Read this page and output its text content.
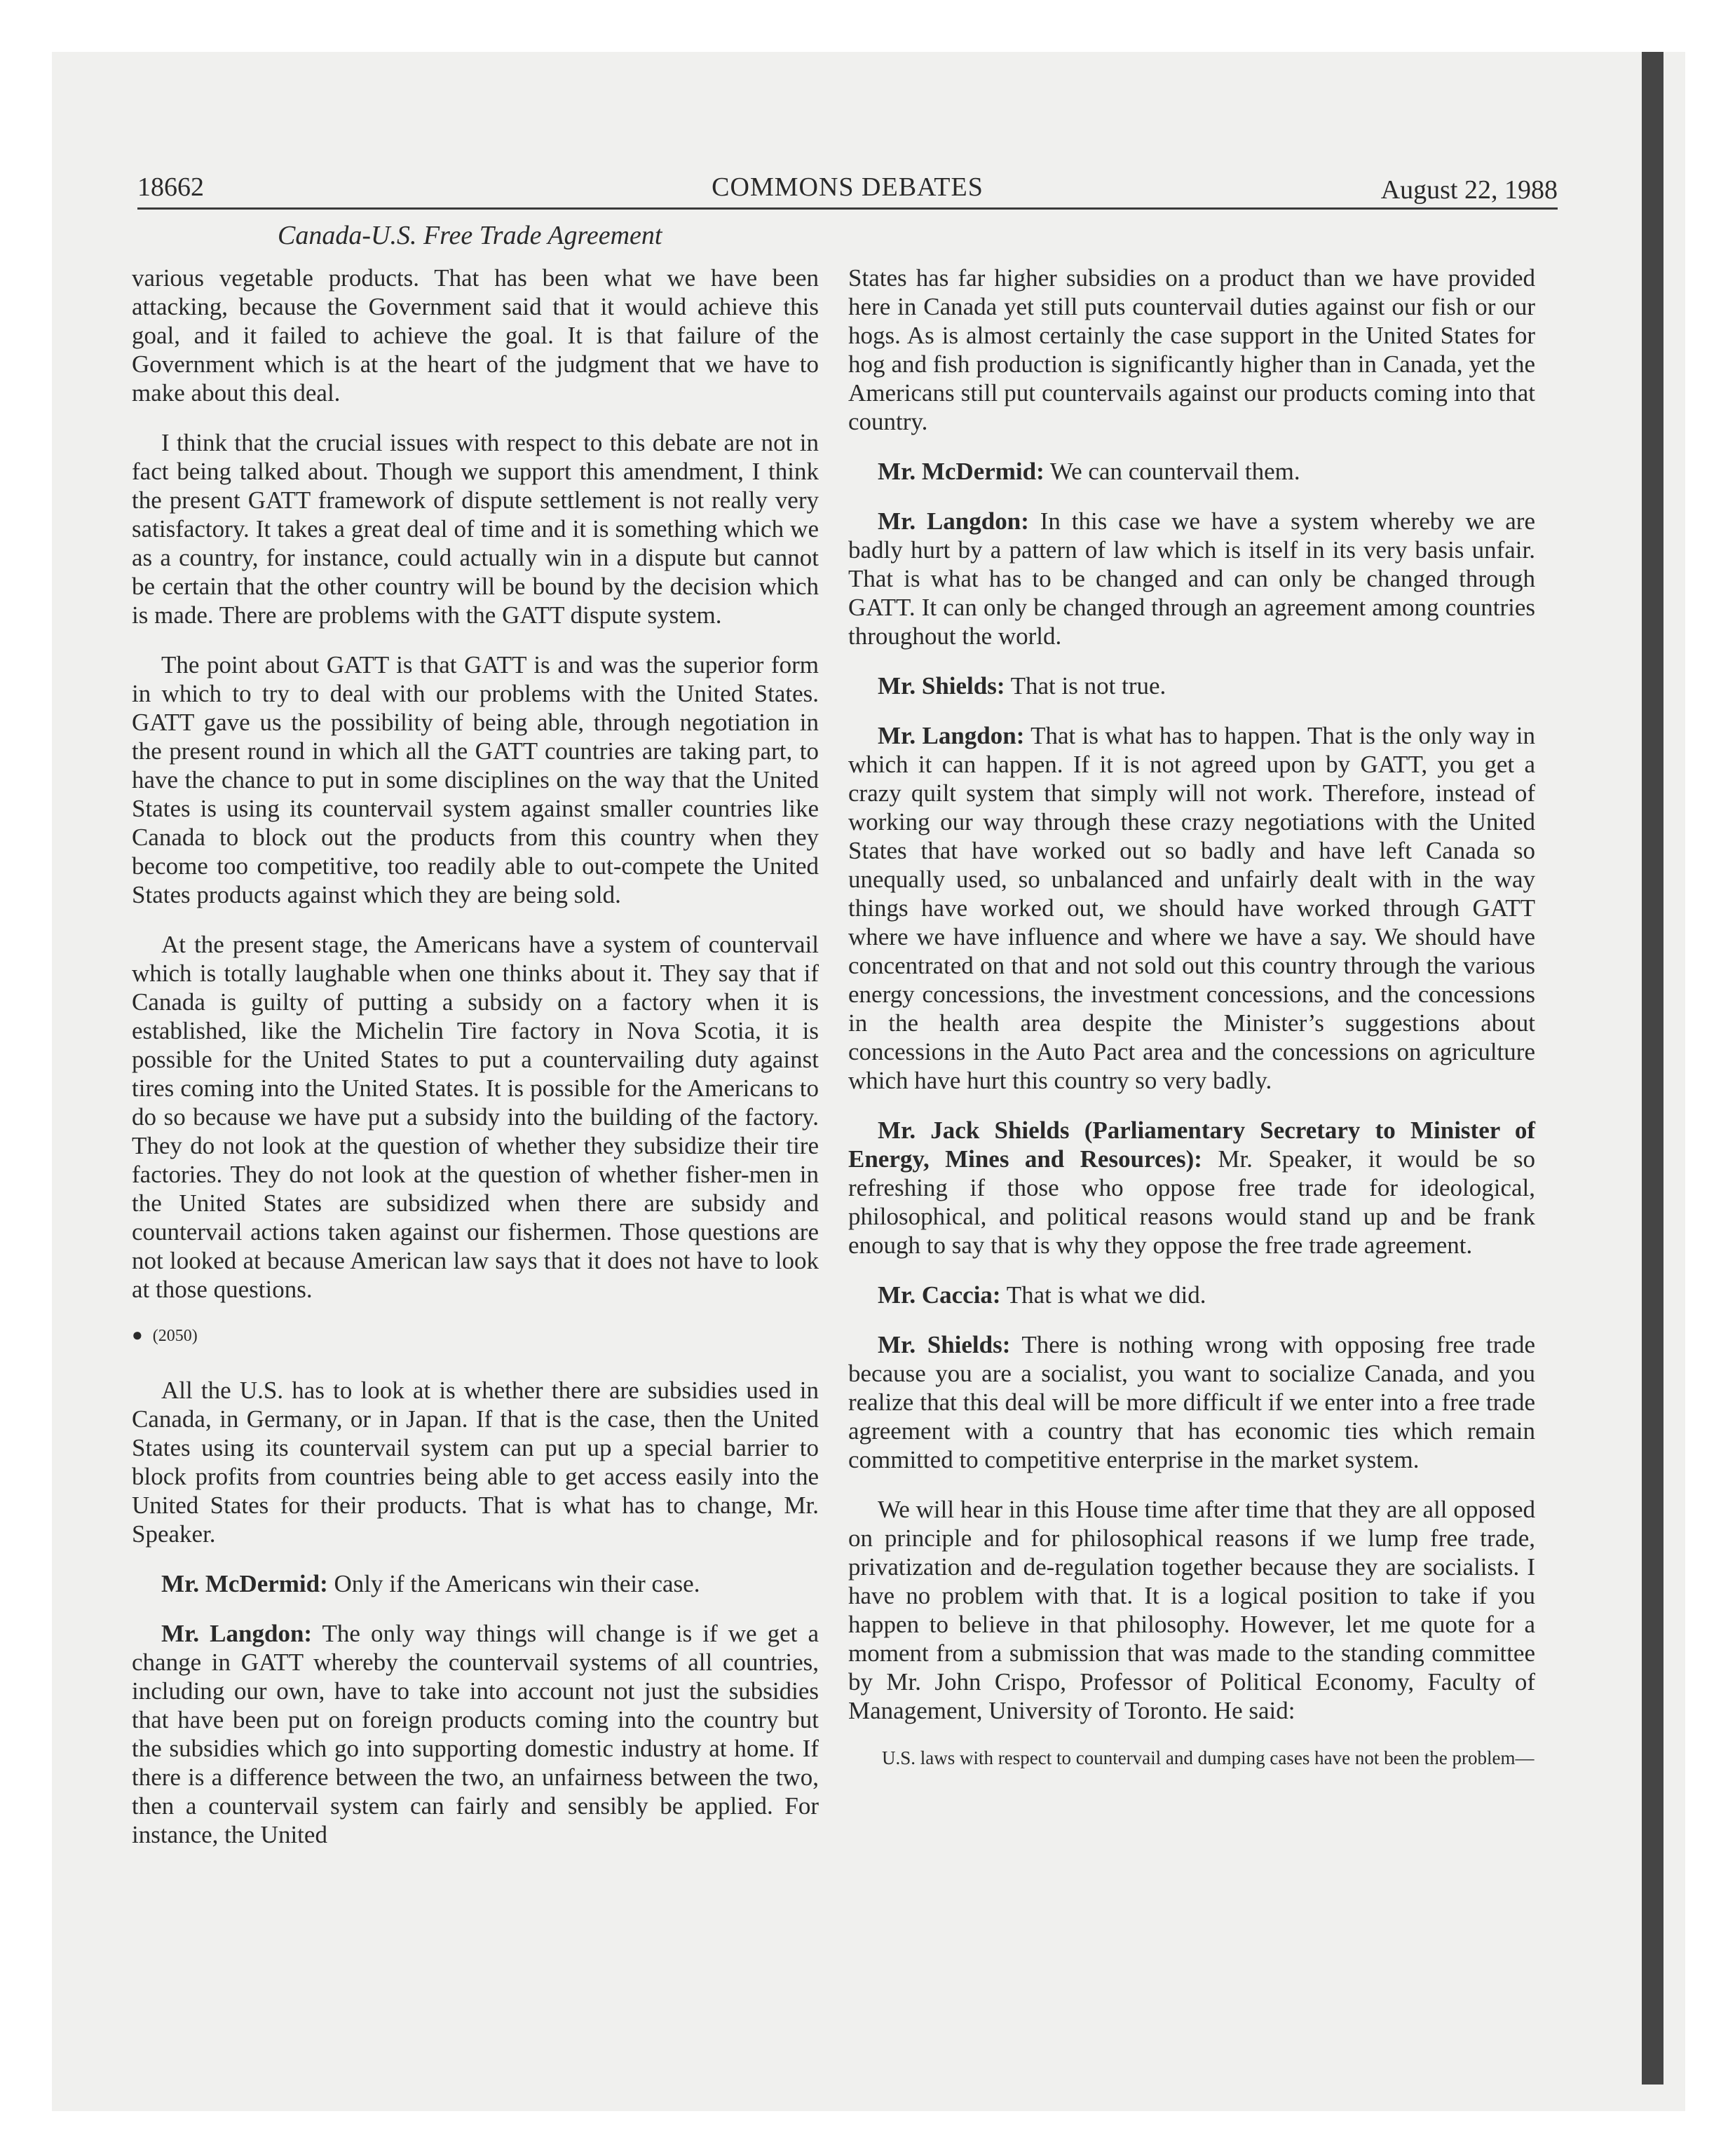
18662	COMMONS DEBATES	August 22, 1988
Canada-U.S. Free Trade Agreement

various vegetable products. That has been what we have been attacking, because the Government said that it would achieve this goal, and it failed to achieve the goal. It is that failure of the Government which is at the heart of the judgment that we have to make about this deal.

I think that the crucial issues with respect to this debate are not in fact being talked about. Though we support this amendment, I think the present GATT framework of dispute settlement is not really very satisfactory. It takes a great deal of time and it is something which we as a country, for instance, could actually win in a dispute but cannot be certain that the other country will be bound by the decision which is made. There are problems with the GATT dispute system.

The point about GATT is that GATT is and was the superior form in which to try to deal with our problems with the United States. GATT gave us the possibility of being able, through negotiation in the present round in which all the GATT countries are taking part, to have the chance to put in some disciplines on the way that the United States is using its countervail system against smaller countries like Canada to block out the products from this country when they become too competitive, too readily able to out-compete the United States products against which they are being sold.

At the present stage, the Americans have a system of countervail which is totally laughable when one thinks about it. They say that if Canada is guilty of putting a subsidy on a factory when it is established, like the Michelin Tire factory in Nova Scotia, it is possible for the United States to put a countervailing duty against tires coming into the United States. It is possible for the Americans to do so because we have put a subsidy into the building of the factory. They do not look at the question of whether they subsidize their tire factories. They do not look at the question of whether fisher-men in the United States are subsidized when there are subsidy and countervail actions taken against our fishermen. Those questions are not looked at because American law says that it does not have to look at those questions.

● (2050)

All the U.S. has to look at is whether there are subsidies used in Canada, in Germany, or in Japan. If that is the case, then the United States using its countervail system can put up a special barrier to block profits from countries being able to get access easily into the United States for their products. That is what has to change, Mr. Speaker.

Mr. McDermid: Only if the Americans win their case.

Mr. Langdon: The only way things will change is if we get a change in GATT whereby the countervail systems of all countries, including our own, have to take into account not just the subsidies that have been put on foreign products coming into the country but the subsidies which go into supporting domestic industry at home. If there is a difference between the two, an unfairness between the two, then a countervail system can fairly and sensibly be applied. For instance, the United

States has far higher subsidies on a product than we have provided here in Canada yet still puts countervail duties against our fish or our hogs. As is almost certainly the case support in the United States for hog and fish production is significantly higher than in Canada, yet the Americans still put countervails against our products coming into that country.

Mr. McDermid: We can countervail them.

Mr. Langdon: In this case we have a system whereby we are badly hurt by a pattern of law which is itself in its very basis unfair. That is what has to be changed and can only be changed through GATT. It can only be changed through an agreement among countries throughout the world.

Mr. Shields: That is not true.

Mr. Langdon: That is what has to happen. That is the only way in which it can happen. If it is not agreed upon by GATT, you get a crazy quilt system that simply will not work. Therefore, instead of working our way through these crazy negotiations with the United States that have worked out so badly and have left Canada so unequally used, so unbalanced and unfairly dealt with in the way things have worked out, we should have worked through GATT where we have influence and where we have a say. We should have concentrated on that and not sold out this country through the various energy concessions, the investment concessions, and the concessions in the health area despite the Minister’s suggestions about concessions in the Auto Pact area and the concessions on agriculture which have hurt this country so very badly.

Mr. Jack Shields (Parliamentary Secretary to Minister of Energy, Mines and Resources): Mr. Speaker, it would be so refreshing if those who oppose free trade for ideological, philosophical, and political reasons would stand up and be frank enough to say that is why they oppose the free trade agreement.

Mr. Caccia: That is what we did.

Mr. Shields: There is nothing wrong with opposing free trade because you are a socialist, you want to socialize Canada, and you realize that this deal will be more difficult if we enter into a free trade agreement with a country that has economic ties which remain committed to competitive enterprise in the market system.

We will hear in this House time after time that they are all opposed on principle and for philosophical reasons if we lump free trade, privatization and de-regulation together because they are socialists. I have no problem with that. It is a logical position to take if you happen to believe in that philosophy. However, let me quote for a moment from a submission that was made to the standing committee by Mr. John Crispo, Professor of Political Economy, Faculty of Management, University of Toronto. He said:

U.S. laws with respect to countervail and dumping cases have not been the problem—
